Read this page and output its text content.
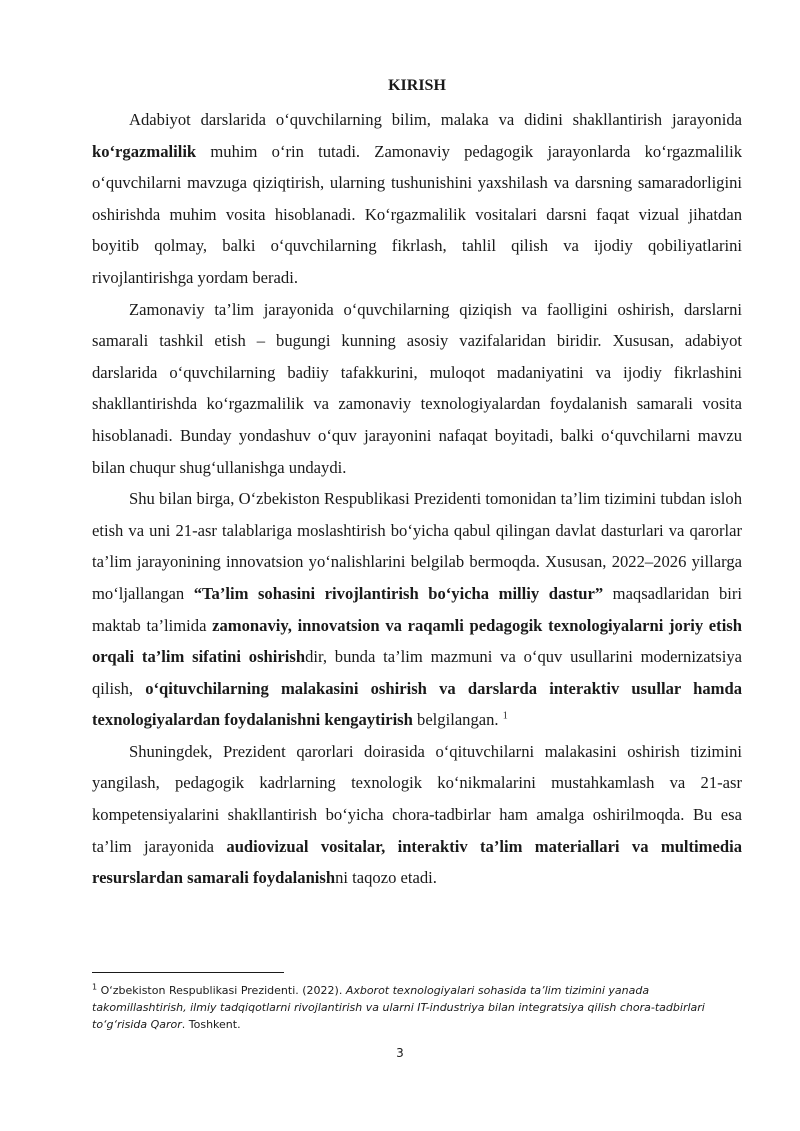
KIRISH

Adabiyot darslarida o‘quvchilarning bilim, malaka va didini shakllantirish jarayonida ko‘rgazmalilik muhim o‘rin tutadi. Zamonaviy pedagogik jarayonlarda ko‘rgazmalilik o‘quvchilarni mavzuga qiziqtirish, ularning tushunishini yaxshilash va darsning samaradorligini oshirishda muhim vosita hisoblanadi. Ko‘rgazmalilik vositalari darsni faqat vizual jihatdan boyitib qolmay, balki o‘quvchilarning fikrlash, tahlil qilish va ijodiy qobiliyatlarini rivojlantirishga yordam beradi.

Zamonaviy ta’lim jarayonida o‘quvchilarning qiziqish va faolligini oshirish, darslarni samarali tashkil etish – bugungi kunning asosiy vazifalaridan biridir. Xususan, adabiyot darslarida o‘quvchilarning badiiy tafakkurini, muloqot madaniyatini va ijodiy fikrlashini shakllantirishda ko‘rgazmalilik va zamonaviy texnologiyalardan foydalanish samarali vosita hisoblanadi. Bunday yondashuv o‘quv jarayonini nafaqat boyitadi, balki o‘quvchilarni mavzu bilan chuqur shug‘ullanishga undaydi.

Shu bilan birga, O‘zbekiston Respublikasi Prezidenti tomonidan ta’lim tizimini tubdan isloh etish va uni 21-asr talablariga moslashtirish bo‘yicha qabul qilingan davlat dasturlari va qarorlar ta’lim jarayonining innovatsion yo‘nalishlarini belgilab bermoqda. Xususan, 2022–2026 yillarga mo‘ljallangan “Ta’lim sohasini rivojlantirish bo‘yicha milliy dastur” maqsadlaridan biri maktab ta’limida zamonaviy, innovatsion va raqamli pedagogik texnologiyalarni joriy etish orqali ta’lim sifatini oshirishdir, bunda ta’lim mazmuni va o‘quv usullarini modernizatsiya qilish, o‘qituvchilarning malakasini oshirish va darslarda interaktiv usullar hamda texnologiyalardan foydalanishni kengaytirish belgilangan. $^1$

Shuningdek, Prezident qarorlari doirasida o‘qituvchilarni malakasini oshirish tizimini yangilash, pedagogik kadrlarning texnologik ko‘nikmalarini mustahkamlash va 21-asr kompetensiyalarini shakllantirish bo‘yicha chora-tadbirlar ham amalga oshirilmoqda. Bu esa ta’lim jarayonida audiovizual vositalar, interaktiv ta’lim materiallari va multimedia resurslardan samarali foydalanishni taqozo etadi.

$^1$ O‘zbekiston Respublikasi Prezidenti. (2022). Axborot texnologiyalari sohasida ta’lim tizimini yanada takomillashtirish, ilmiy tadqiqotlarni rivojlantirish va ularni IT-industriya bilan integratsiya qilish chora-tadbirlari to‘g‘risida Qaror. Toshkent.
3
